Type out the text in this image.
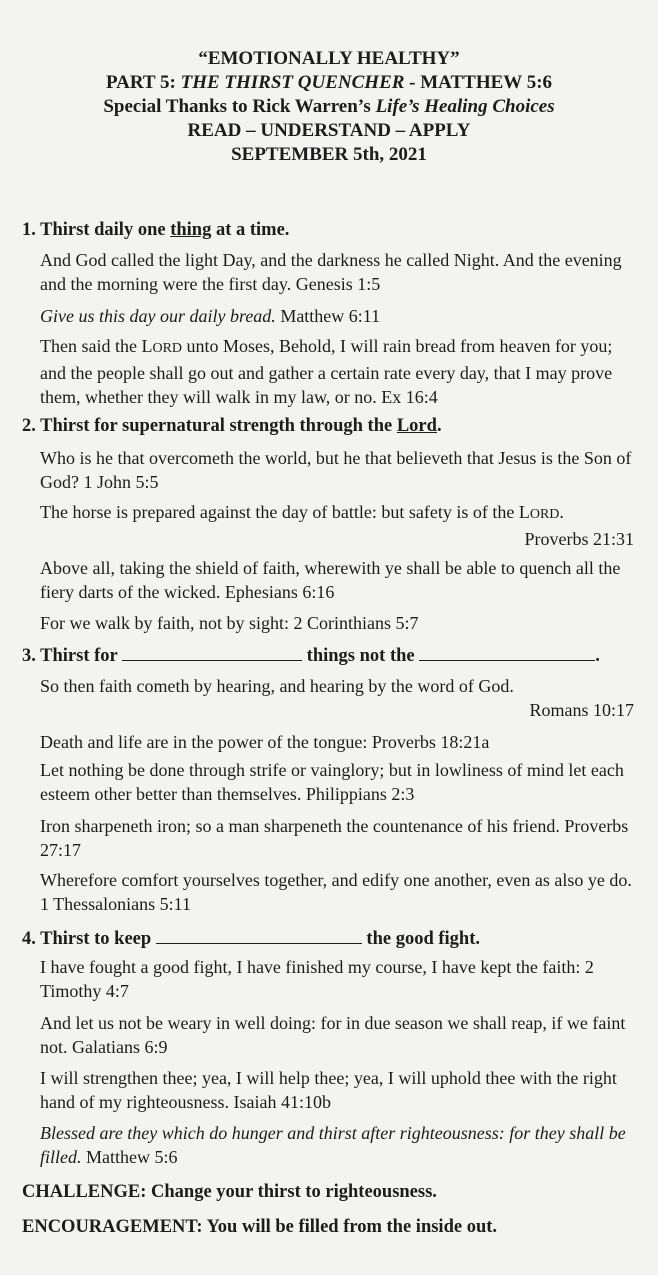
“EMOTIONALLY HEALTHY”
PART 5: THE THIRST QUENCHER - MATTHEW 5:6
Special Thanks to Rick Warren’s Life’s Healing Choices
READ – UNDERSTAND – APPLY
SEPTEMBER 5th, 2021
1. Thirst daily one thing at a time.
And God called the light Day, and the darkness he called Night. And the evening and the morning were the first day. Genesis 1:5
Give us this day our daily bread. Matthew 6:11
Then said the LORD unto Moses, Behold, I will rain bread from heaven for you; and the people shall go out and gather a certain rate every day, that I may prove them, whether they will walk in my law, or no. Ex 16:4
2. Thirst for supernatural strength through the Lord.
Who is he that overcometh the world, but he that believeth that Jesus is the Son of God? 1 John 5:5
The horse is prepared against the day of battle: but safety is of the LORD.
Proverbs 21:31
Above all, taking the shield of faith, wherewith ye shall be able to quench all the fiery darts of the wicked. Ephesians 6:16
For we walk by faith, not by sight: 2 Corinthians 5:7
3. Thirst for	things not the	.
So then faith cometh by hearing, and hearing by the word of God.
Romans 10:17
Death and life are in the power of the tongue: Proverbs 18:21a
Let nothing be done through strife or vainglory; but in lowliness of mind let each esteem other better than themselves. Philippians 2:3
Iron sharpeneth iron; so a man sharpeneth the countenance of his friend. Proverbs 27:17
Wherefore comfort yourselves together, and edify one another, even as also ye do. 1 Thessalonians 5:11
4. Thirst to keep	the good fight.
I have fought a good fight, I have finished my course, I have kept the faith: 2 Timothy 4:7
And let us not be weary in well doing: for in due season we shall reap, if we faint not. Galatians 6:9
I will strengthen thee; yea, I will help thee; yea, I will uphold thee with the right hand of my righteousness. Isaiah 41:10b
Blessed are they which do hunger and thirst after righteousness: for they shall be filled. Matthew 5:6
CHALLENGE: Change your thirst to righteousness.
ENCOURAGEMENT: You will be filled from the inside out.
